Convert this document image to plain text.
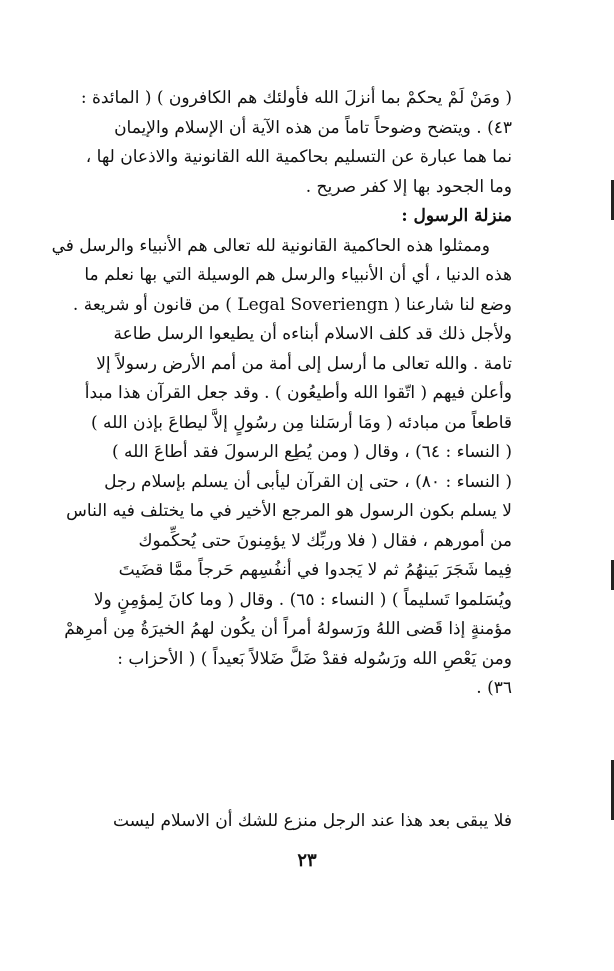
( ومَنْ لَمْ يحكمْ بما أنزلَ الله فأولئك هم الكافرون ) ( المائدة :
٤٣) . ويتضح وضوحاً تاماً من هذه الآية أن الإسلام والإيمان
نما هما عبارة عن التسليم بحاكمية الله القانونية والاذعان لها ،
وما الجحود بها إلا كفر صريح .
منزلة الرسول :
وممثلوا هذه الحاكمية القانونية لله تعالى هم الأنبياء والرسل في
هذه الدنيا ، أي أن الأنبياء والرسل هم الوسيلة التي بها نعلم ما
وضع لنا شارعنا ( Legal Soveriengn ) من قانون أو شريعة .
ولأجل ذلك قد كلف الاسلام أبناءه أن يطيعوا الرسل طاعة
تامة . والله تعالى ما أرسل إلى أمة من أمم الأرض رسولاً إلا
وأعلن فيهم ( اتّقوا الله وأطيعُون ) . وقد جعل القرآن هذا مبدأ
قاطعاً من مبادئه ( ومَا أرسَلنا مِن رسُولٍ إلاَّ ليطاعَ بإذن الله )
( النساء : ٦٤) ، وقال ( ومن يُطِع الرسولَ فقد أطاعَ الله )
( النساء : ٨٠) ، حتى إن القرآن ليأبى أن يسلم بإسلام رجل
لا يسلم بكون الرسول هو المرجع الأخير في ما يختلف فيه الناس
من أمورهم ، فقال ( فلا وربِّك لا يؤمِنونَ حتى يُحكِّموك
فِيما شَجَرَ بَينهُمُ ثم لا يَجدوا في أنفُسِهم حَرجاً ممَّا قضَيتَ
ويُسَلموا تَسليماً ) ( النساء : ٦٥) . وقال ( وما كانَ لِمؤمِنٍ ولا
مؤمنةٍ إذا قَضى اللهُ ورَسولهُ أمراً أن يكُون لهمُ الخيرَةُ مِن أمرِهمْ
ومن يَعْصِ الله ورَسُوله فقدْ ضَلَّ ضَلالاً بَعيداً ) ( الأحزاب :
٣٦) .
فلا يبقى بعد هذا عند الرجل منزع للشك أن الاسلام ليست
٢٣
